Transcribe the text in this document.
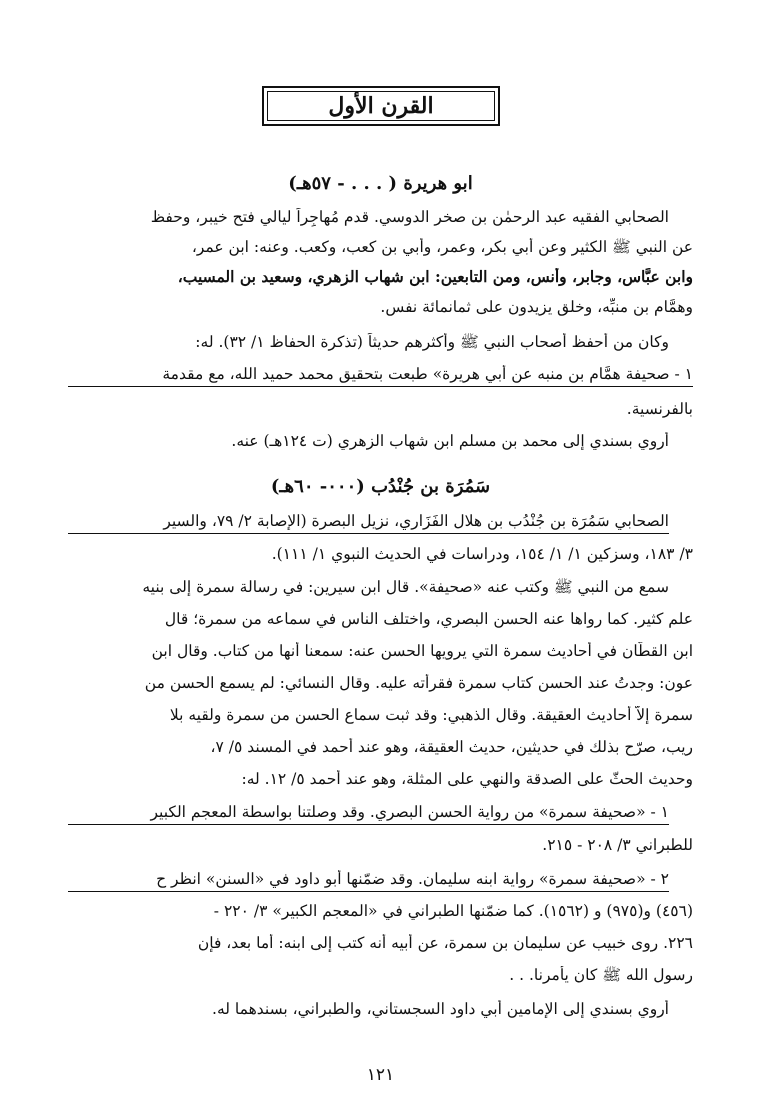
القرن الأول
ابو هريرة ( . . . - ٥٧هـ)
الصحابي الفقيه عبد الرحمٰن بن صخر الدوسي. قدم مُهاجِراً ليالي فتح خيبر، وحفظ
عن النبي ﷺ الكثير وعن أبي بكر، وعمر، وأُبي بن كعب، وكعب. وعنه: ابن عمر،
وابن عبَّاس، وجابر، وأنس، ومن التابعين: ابن شهاب الزهري، وسعيد بن المسيب،
وهمَّام بن منبِّه، وخلق يزيدون على ثمانمائة نفس.
وكان من أحفظ أصحاب النبي ﷺ وأكثرهم حديثاً (تذكرة الحفاظ ١/ ٣٢). له:
١ - صحيفة همَّام بن منبه عن أبي هريرة» طبعت بتحقيق محمد حميد الله، مع مقدمة
بالفرنسية.
أروي بسندي إلى محمد بن مسلم ابن شهاب الزهري (ت ١٢٤هـ) عنه.
سَمُرَة بن جُنْدُب (٠٠٠- ٦٠هـ)
الصحابي سَمُرَة بن جُنْدُب بن هلال الفَزَاري، نزيل البصرة (الإصابة ٢/ ٧٩، والسير
٣/ ١٨٣، وسزكين ١/ ١/ ١٥٤، ودراسات في الحديث النبوي ١/ ١١١).
سمع من النبي ﷺ وكتب عنه «صحيفة». قال ابن سيرين: في رسالة سمرة إلى بنيه
علم كثير. كما رواها عنه الحسن البصري، واختلف الناس في سماعه من سمرة؛ قال
ابن القطّان في أحاديث سمرة التي يرويها الحسن عنه: سمعنا أنها من كتاب. وقال ابن
عون: وجدتُ عند الحسن كتاب سمرة فقرأته عليه. وقال النسائي: لم يسمع الحسن من
سمرة إلاَّ أحاديث العقيقة. وقال الذهبي: وقد ثبت سماع الحسن من سمرة ولقيه بلا
ريب، صرّح بذلك في حديثين، حديث العقيقة، وهو عند أحمد في المسند ٥/ ٧،
وحديث الحثّ على الصدقة والنهي على المثلة، وهو عند أحمد ٥/ ١٢. له:
١ - «صحيفة سمرة» من رواية الحسن البصري. وقد وصلتنا بواسطة المعجم الكبير
للطبراني ٣/ ٢٠٨ - ٢١٥.
٢ - «صحيفة سمرة» رواية ابنه سليمان. وقد ضمّنها أبو داود في «السنن» انظر ح
(٤٥٦) و(٩٧٥) و (١٥٦٢). كما ضمّنها الطبراني في «المعجم الكبير» ٣/ ٢٢٠ -
٢٢٦. روى خبيب عن سليمان بن سمرة، عن أبيه أنه كتب إلى ابنه: أما بعد، فإن
رسول الله ﷺ كان يأمرنا. . .
أروي بسندي إلى الإمامين أبي داود السجستاني، والطبراني، بسندهما له.
١٢١
